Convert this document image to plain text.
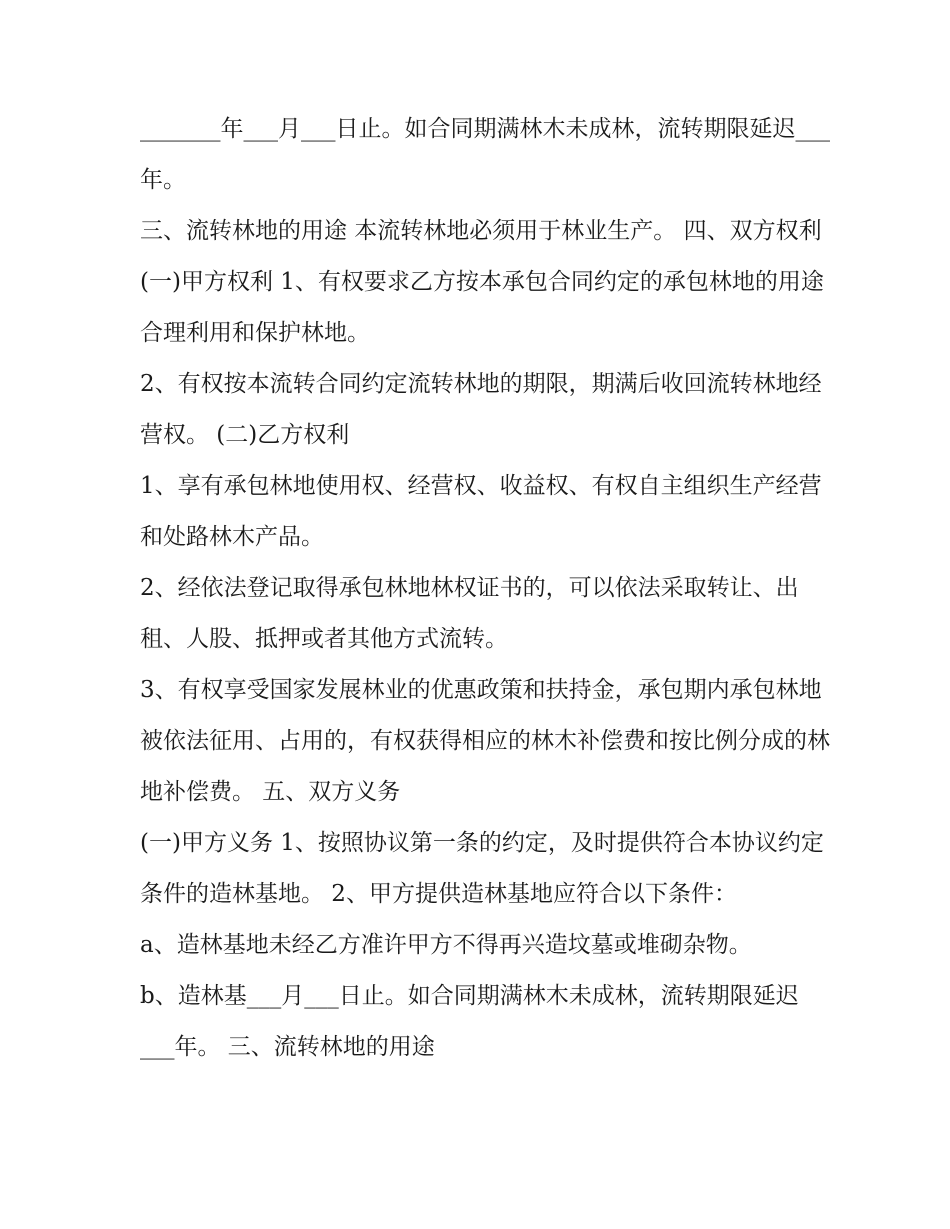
_______年___月___日止。如合同期满林木未成林，流转期限延迟___年。

三、流转林地的用途 本流转林地必须用于林业生产。 四、双方权利 (一)甲方权利 1、有权要求乙方按本承包合同约定的承包林地的用途合理利用和保护林地。

2、有权按本流转合同约定流转林地的期限，期满后收回流转林地经营权。 (二)乙方权利

1、享有承包林地使用权、经营权、收益权、有权自主组织生产经营和处路林木产品。

2、经依法登记取得承包林地林权证书的，可以依法采取转让、出租、人股、抵押或者其他方式流转。

3、有权享受国家发展林业的优惠政策和扶持金，承包期内承包林地被依法征用、占用的，有权获得相应的林木补偿费和按比例分成的林地补偿费。 五、双方义务

(一)甲方义务 1、按照协议第一条的约定，及时提供符合本协议约定条件的造林基地。 2、甲方提供造林基地应符合以下条件：

a、造林基地未经乙方准许甲方不得再兴造坟墓或堆砌杂物。

b、造林基___月___日止。如合同期满林木未成林，流转期限延迟___年。 三、流转林地的用途
